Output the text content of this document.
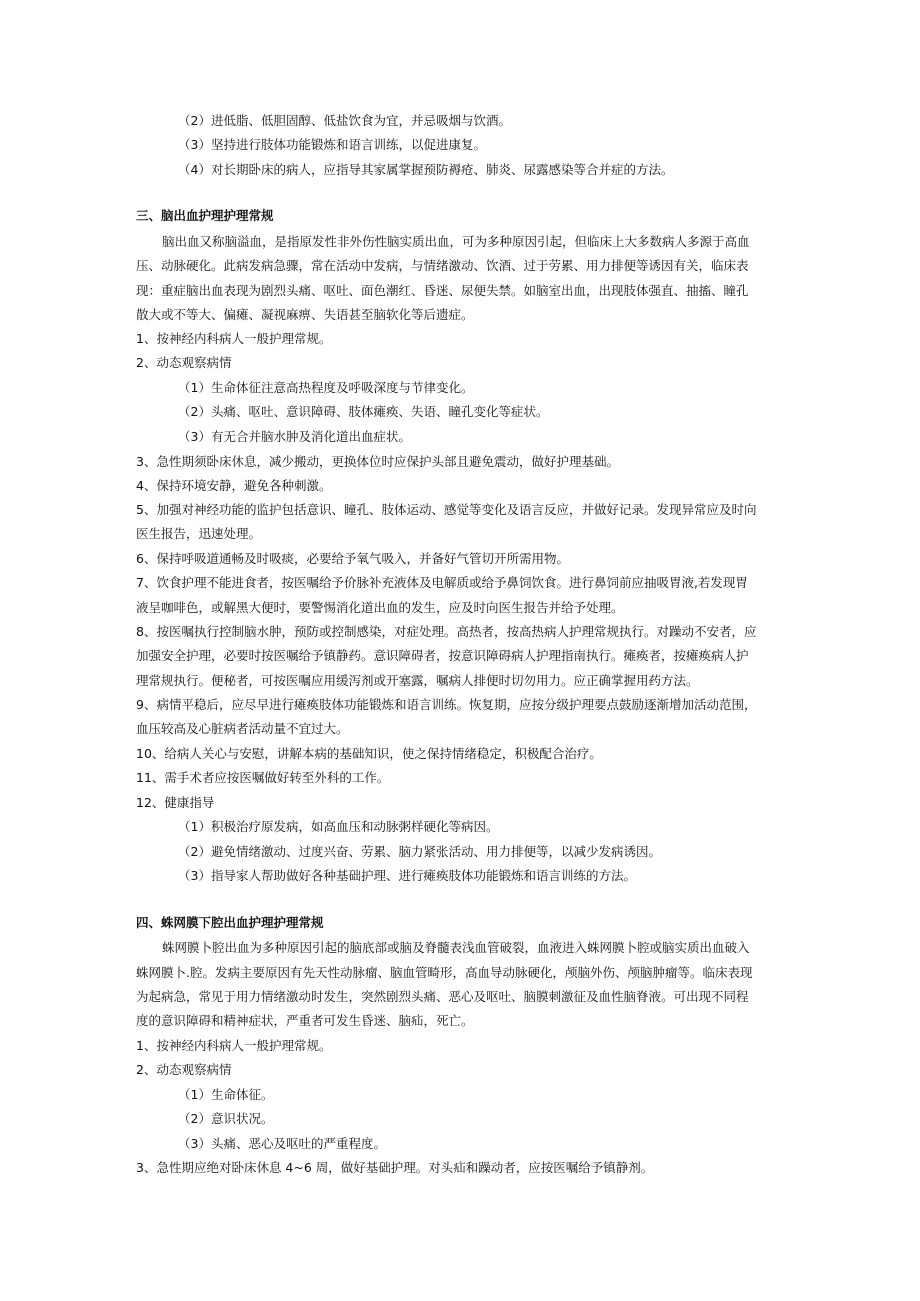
（2）进低脂、低胆固醇、低盐饮食为宜，并忌吸烟与饮酒。
（3）坚持进行肢体功能锻炼和语言训练，以促进康复。
（4）对长期卧床的病人，应指导其家属掌握预防褥疮、肺炎、尿露感染等合并症的方法。
三、脑出血护理护理常规
脑出血又称脑溢血，是指原发性非外伤性脑实质出血，可为多种原因引起，但临床上大多数病人多源于高血
压、动脉硬化。此病发病急骤，常在活动中发病，与情绪激动、饮酒、过于劳累、用力排便等诱因有关，临床表
现：重症脑出血表现为剧烈头痛、呕吐、面色潮红、昏迷、尿便失禁。如脑室出血，出现肢体强直、抽搐、瞳孔
散大或不等大、偏瘫、凝视麻痹、失语甚至脑软化等后遗症。
1、按神经内科病人一般护理常规。
2、动态观察病情
（1）生命体征注意高热程度及呼吸深度与节律变化。
（2）头痛、呕吐、意识障碍、肢体瘫痪、失语、瞳孔变化等症状。
（3）有无合并脑水肿及消化道出血症状。
3、急性期须卧床休息，减少搬动，更换体位时应保护头部且避免震动，做好护理基础。
4、保持环境安静，避免各种刺激。
5、加强对神经功能的监护包括意识、瞳孔、肢体运动、感觉等变化及语言反应，并做好记录。发现异常应及时向
医生报告，迅速处理。
6、保持呼吸道通畅及时吸痰，必要给予氧气吸入，并备好气管切开所需用物。
7、饮食护理不能进食者，按医嘱给予价脉补充液体及电解质或给予鼻饲饮食。进行鼻饲前应抽吸胃液,若发现胃
液呈咖啡色，或解黑大便时，要警惕消化道出血的发生，应及时向医生报告并给予处理。
8、按医嘱执行控制脑水肿，预防或控制感染，对症处理。高热者，按高热病人护理常规执行。对躁动不安者，应
加强安全护理，必要时按医嘱给予镇静药。意识障碍者，按意识障碍病人护理指南执行。瘫痪者，按瘫痪病人护
理常规执行。便秘者，可按医嘱应用缓泻剂或开塞露，嘱病人排便时切勿用力。应正确掌握用药方法。
9、病情平稳后，应尽早进行瘫痪肢体功能锻炼和语言训练。恢复期，应按分级护理要点鼓励逐渐增加活动范围，
血压较高及心脏病者活动量不宜过大。
10、给病人关心与安慰，讲解本病的基础知识，使之保持情绪稳定，积极配合治疗。
11、需手术者应按医嘱做好转至外科的工作。
12、健康指导
（1）积极治疗原发病，如高血压和动脉粥样硬化等病因。
（2）避免情绪激动、过度兴奋、劳累、脑力紧张活动、用力排便等，以减少发病诱因。
（3）指导家人帮助做好各种基础护理、进行瘫痪肢体功能锻炼和语言训练的方法。
四、蛛网膜下腔出血护理护理常规
蛛网膜卜腔出血为多种原因引起的脑底部或脑及脊髓表浅血管破裂，血液进入蛛网膜卜腔或脑实质出血破入
蛛网膜卜.腔。发病主要原因有先天性动脉瘤、脑血管畸形，高血导动脉硬化，颅脑外伤、颅脑肿瘤等。临床表现
为起病急，常见于用力情绪激动时发生，突然剧烈头痛、恶心及呕吐、脑膜刺激征及血性脑脊液。可出现不同程
度的意识障碍和精神症状，严重者可发生昏迷、脑疝，死亡。
1、按神经内科病人一般护理常规。
2、动态观察病情
（1）生命体征。
（2）意识状况。
（3）头痛、恶心及呕吐的严重程度。
3、急性期应绝对卧床休息 4~6 周，做好基础护理。对头疝和躁动者，应按医嘱给予镇静剂。
